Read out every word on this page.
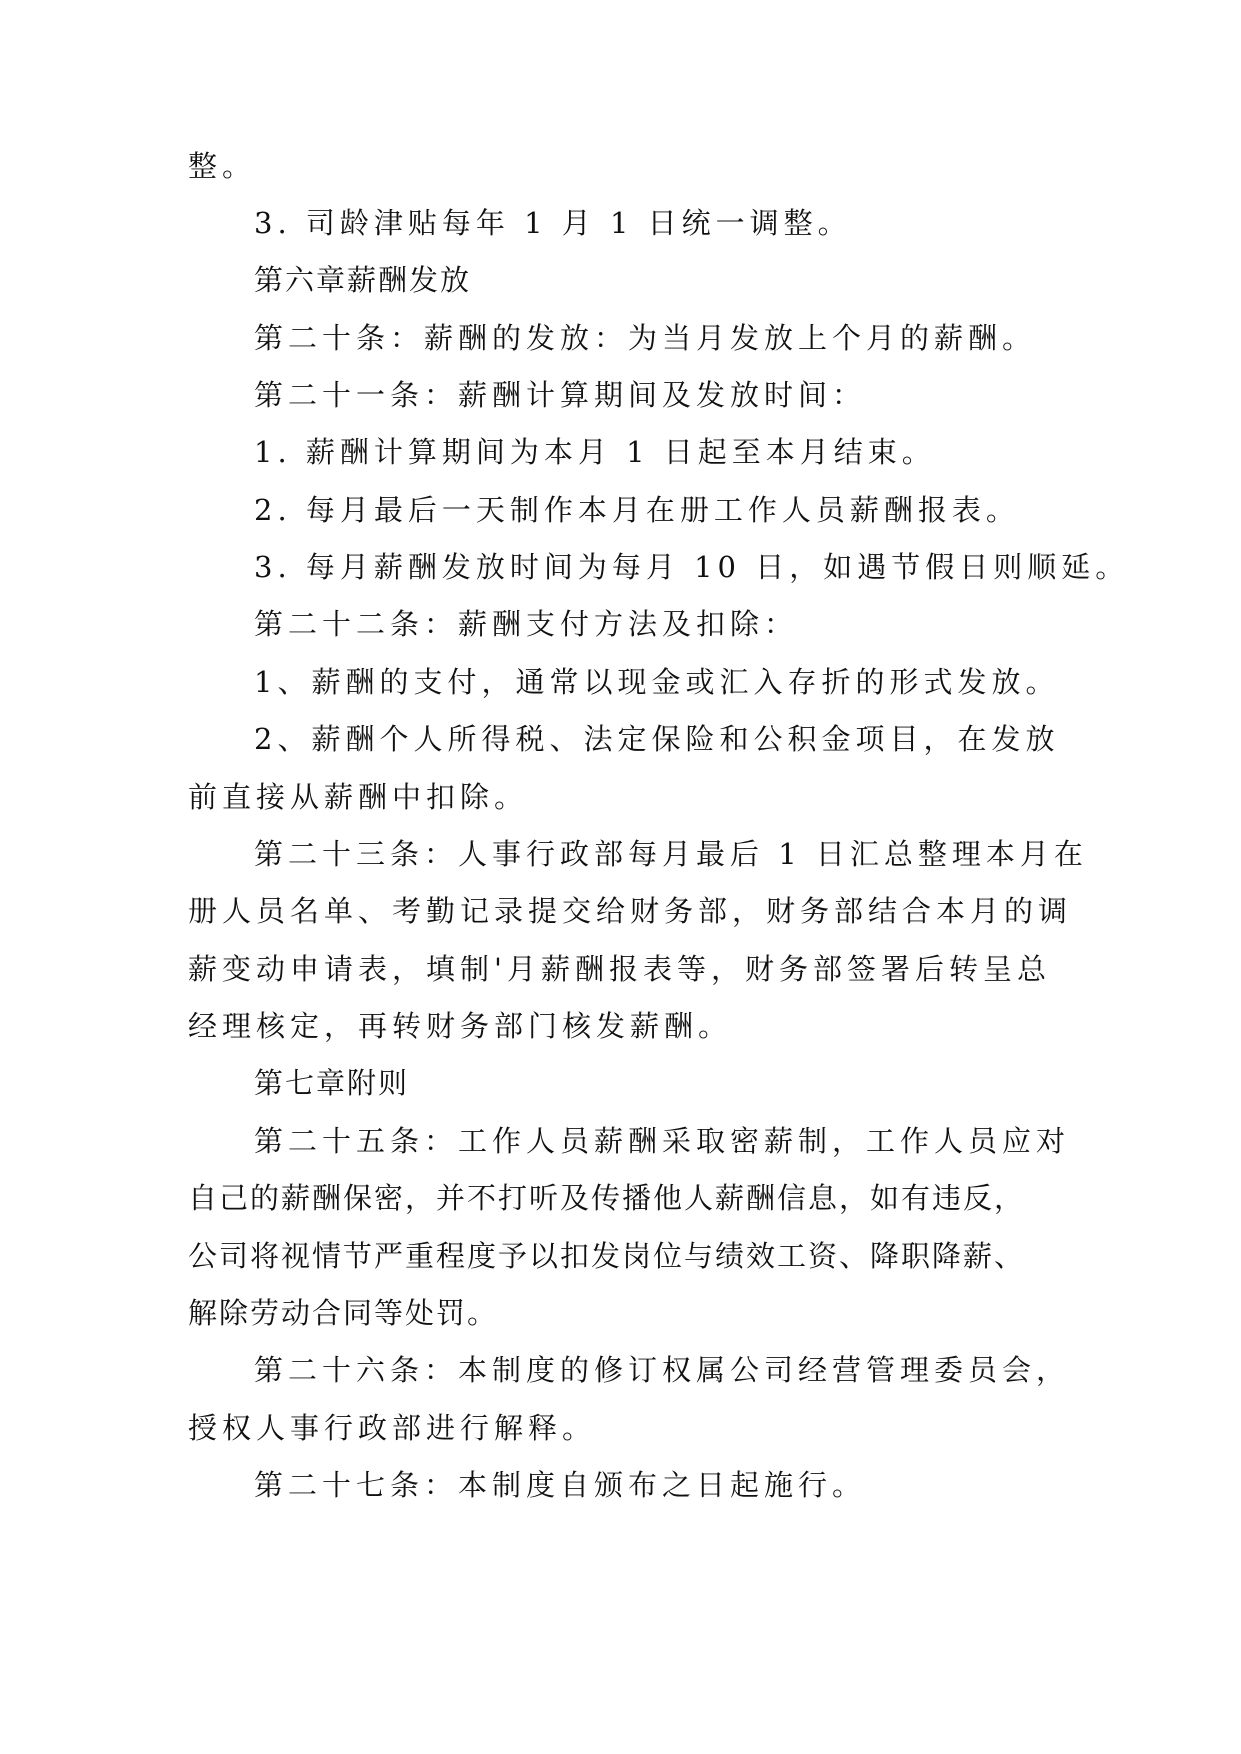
整。
3. 司龄津贴每年 1 月 1 日统一调整。
第六章薪酬发放
第二十条：薪酬的发放：为当月发放上个月的薪酬。
第二十一条：薪酬计算期间及发放时间：
1. 薪酬计算期间为本月 1 日起至本月结束。
2. 每月最后一天制作本月在册工作人员薪酬报表。
3. 每月薪酬发放时间为每月 10 日，如遇节假日则顺延。
第二十二条：薪酬支付方法及扣除：
1、薪酬的支付，通常以现金或汇入存折的形式发放。
2、薪酬个人所得税、法定保险和公积金项目，在发放
前直接从薪酬中扣除。
第二十三条：人事行政部每月最后 1 日汇总整理本月在
册人员名单、考勤记录提交给财务部，财务部结合本月的调
薪变动申请表，填制'月薪酬报表等，财务部签署后转呈总
经理核定，再转财务部门核发薪酬。
第七章附则
第二十五条：工作人员薪酬采取密薪制，工作人员应对
自己的薪酬保密，并不打听及传播他人薪酬信息，如有违反，
公司将视情节严重程度予以扣发岗位与绩效工资、降职降薪、
解除劳动合同等处罚。
第二十六条：本制度的修订权属公司经营管理委员会，
授权人事行政部进行解释。
第二十七条：本制度自颁布之日起施行。
